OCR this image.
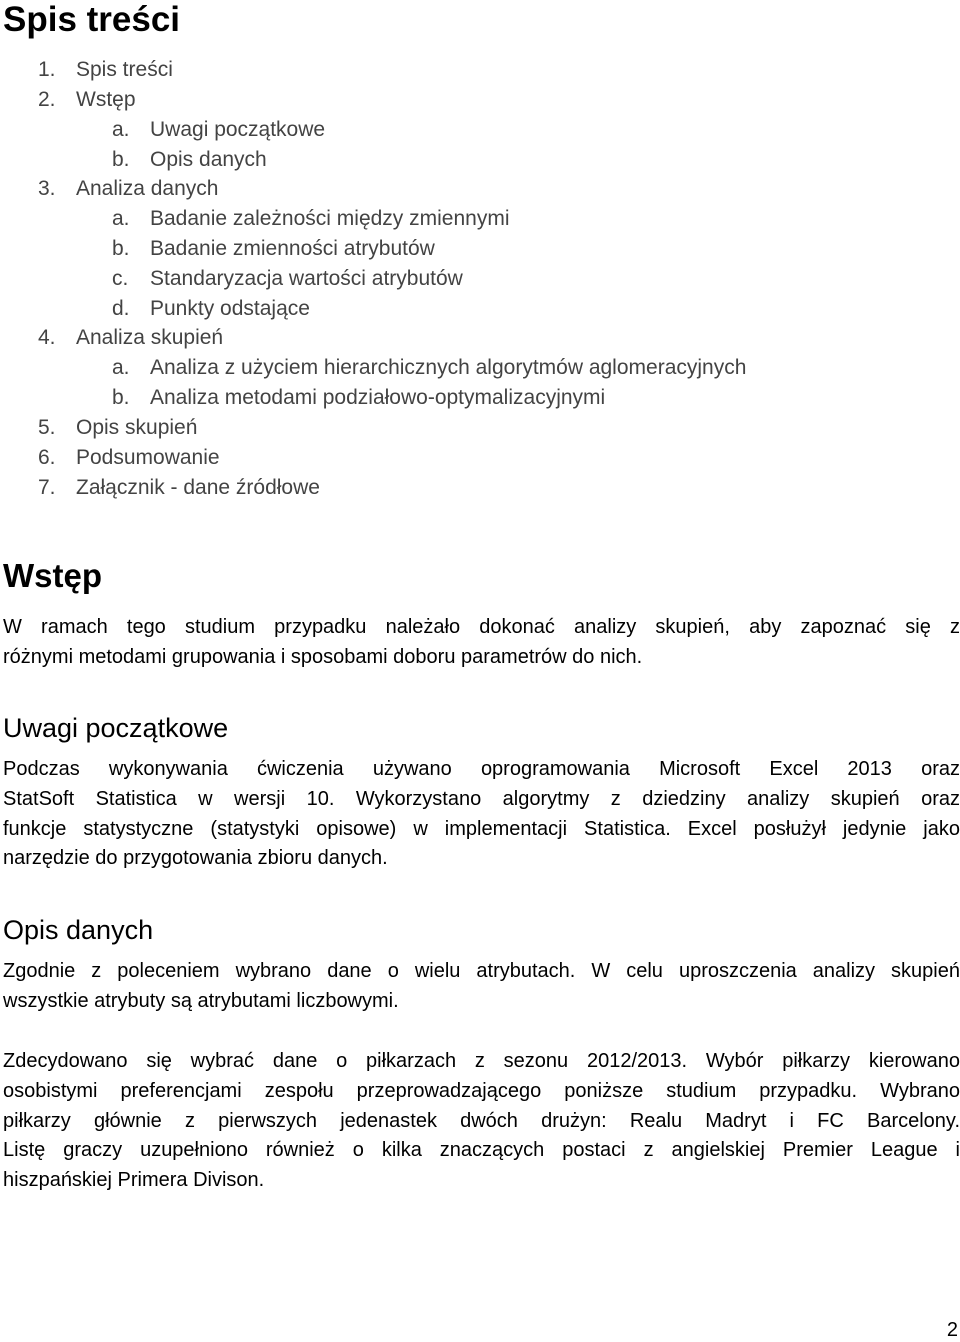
Spis treści
1. Spis treści
2. Wstęp
a. Uwagi początkowe
b. Opis danych
3. Analiza danych
a. Badanie zależności między zmiennymi
b. Badanie zmienności atrybutów
c. Standaryzacja wartości atrybutów
d. Punkty odstające
4. Analiza skupień
a. Analiza z użyciem hierarchicznych algorytmów aglomeracyjnych
b. Analiza metodami podziałowo-optymalizacyjnymi
5. Opis skupień
6. Podsumowanie
7. Załącznik - dane źródłowe
Wstęp
W ramach tego studium przypadku należało dokonać analizy skupień, aby zapoznać się z
różnymi metodami grupowania i sposobami doboru parametrów do nich.
Uwagi początkowe
Podczas wykonywania ćwiczenia używano oprogramowania Microsoft Excel 2013 oraz
StatSoft Statistica w wersji 10. Wykorzystano algorytmy z dziedziny analizy skupień oraz
funkcje statystyczne (statystyki opisowe) w implementacji Statistica. Excel posłużył jedynie jako
narzędzie do przygotowania zbioru danych.
Opis danych
Zgodnie z poleceniem wybrano dane o wielu atrybutach. W celu uproszczenia analizy skupień
wszystkie atrybuty są atrybutami liczbowymi.
Zdecydowano się wybrać dane o piłkarzach z sezonu 2012/2013. Wybór piłkarzy kierowano
osobistymi preferencjami zespołu przeprowadzającego poniższe studium przypadku. Wybrano
piłkarzy głównie z pierwszych jedenastek dwóch drużyn: Realu Madryt i FC Barcelony.
Listę graczy uzupełniono również o kilka znaczących postaci z angielskiej Premier League i
hiszpańskiej Primera Divison.
2
